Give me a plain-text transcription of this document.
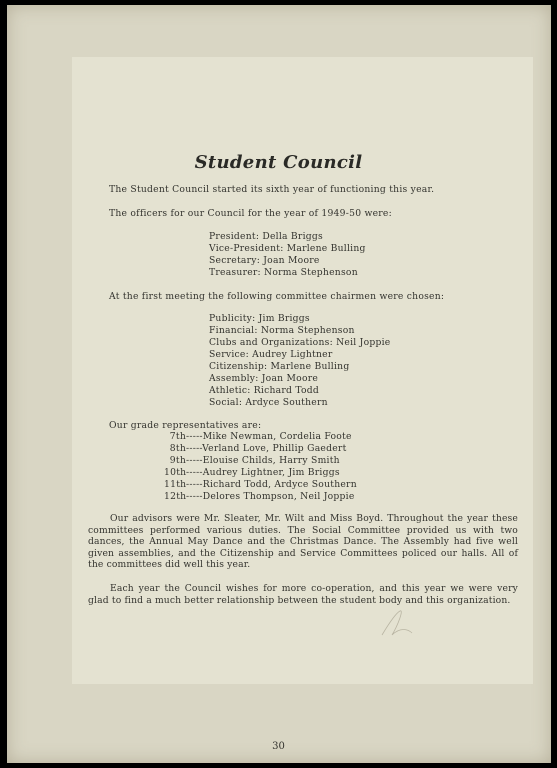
Student Council
The Student Council started its sixth year of functioning this year.
The officers for our Council for the year of 1949-50 were:
President: Della Briggs
Vice-President: Marlene Bulling
Secretary: Joan Moore
Treasurer: Norma Stephenson
At the first meeting the following committee chairmen were chosen:
Publicity: Jim Briggs
Financial: Norma Stephenson
Clubs and Organizations: Neil Joppie
Service: Audrey Lightner
Citizenship: Marlene Bulling
Assembly: Joan Moore
Athletic: Richard Todd
Social: Ardyce Southern
Our grade representatives are:
7th-----Mike Newman, Cordelia Foote
8th-----Verland Love, Phillip Gaedert
9th-----Elouise Childs, Harry Smith
10th-----Audrey Lightner, Jim Briggs
11th-----Richard Todd, Ardyce Southern
12th-----Delores Thompson, Neil Joppie

Our advisors were Mr. Sleater, Mr. Wilt and Miss Boyd. Throughout the year these committees performed various duties. The Social Committee provided us with two dances, the Annual May Dance and the Christmas Dance. The Assembly had five well given assemblies, and the Citizenship and Service Committees policed our halls. All of the committees did well this year.

Each year the Council wishes for more co-operation, and this year we were very glad to find a much better relationship between the student body and this organization.

30
